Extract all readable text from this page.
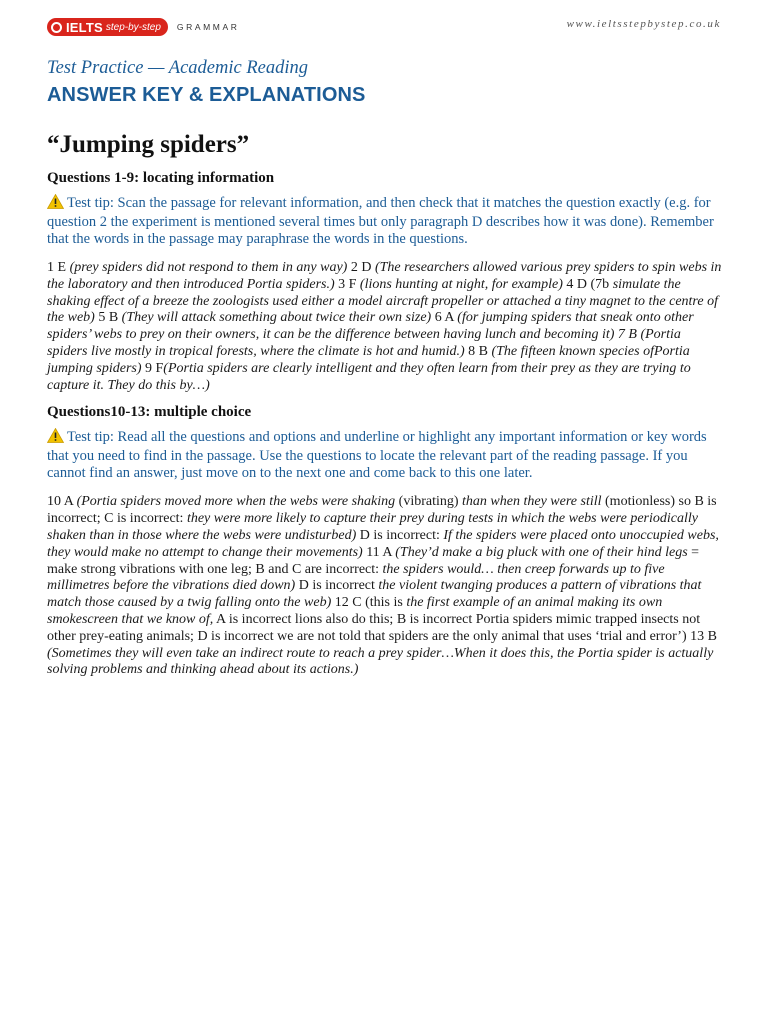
IELTS step-by-step GRAMMAR	www.ieltsstepbystep.co.uk

Test Practice — Academic Reading

ANSWER KEY & EXPLANATIONS
“Jumping spiders”
Questions 1-9: locating information

Test tip: Scan the passage for relevant information, and then check that it matches the question exactly (e.g. for question 2 the experiment is mentioned several times but only paragraph D describes how it was done). Remember that the words in the passage may paraphrase the words in the questions.

1 E (prey spiders did not respond to them in any way) 2 D (The researchers allowed various prey spiders to spin webs in the laboratory and then introduced Portia spiders.) 3 F (lions hunting at night, for example) 4 D (7b simulate the shaking effect of a breeze the zoologists used either a model aircraft propeller or attached a tiny magnet to the centre of the web) 5 B (They will attack something about twice their own size) 6 A (for jumping spiders that sneak onto other spiders’ webs to prey on their owners, it can be the difference between having lunch and becoming it) 7 B (Portia spiders live mostly in tropical forests, where the climate is hot and humid.) 8 B (The fifteen known species ofPortia jumping spiders) 9 F(Portia spiders are clearly intelligent and they often learn from their prey as they are trying to capture it. They do this by…)

Questions10-13: multiple choice

Test tip: Read all the questions and options and underline or highlight any important information or key words that you need to find in the passage. Use the questions to locate the relevant part of the reading passage. If you cannot find an answer, just move on to the next one and come back to this one later.

10 A (Portia spiders moved more when the webs were shaking (vibrating) than when they were still (motionless) so B is incorrect; C is incorrect: they were more likely to capture their prey during tests in which the webs were periodically shaken than in those where the webs were undisturbed) D is incorrect: If the spiders were placed onto unoccupied webs, they would make no attempt to change their movements) 11 A (They’d make a big pluck with one of their hind legs = make strong vibrations with one leg; B and C are incorrect: the spiders would… then creep forwards up to five millimetres before the vibrations died down) D is incorrect the violent twanging produces a pattern of vibrations that match those caused by a twig falling onto the web) 12 C (this is the first example of an animal making its own smokescreen that we know of, A is incorrect lions also do this; B is incorrect Portia spiders mimic trapped insects not other prey-eating animals; D is incorrect we are not told that spiders are the only animal that uses ‘trial and error’) 13 B (Sometimes they will even take an indirect route to reach a prey spider…When it does this, the Portia spider is actually solving problems and thinking ahead about its actions.)
